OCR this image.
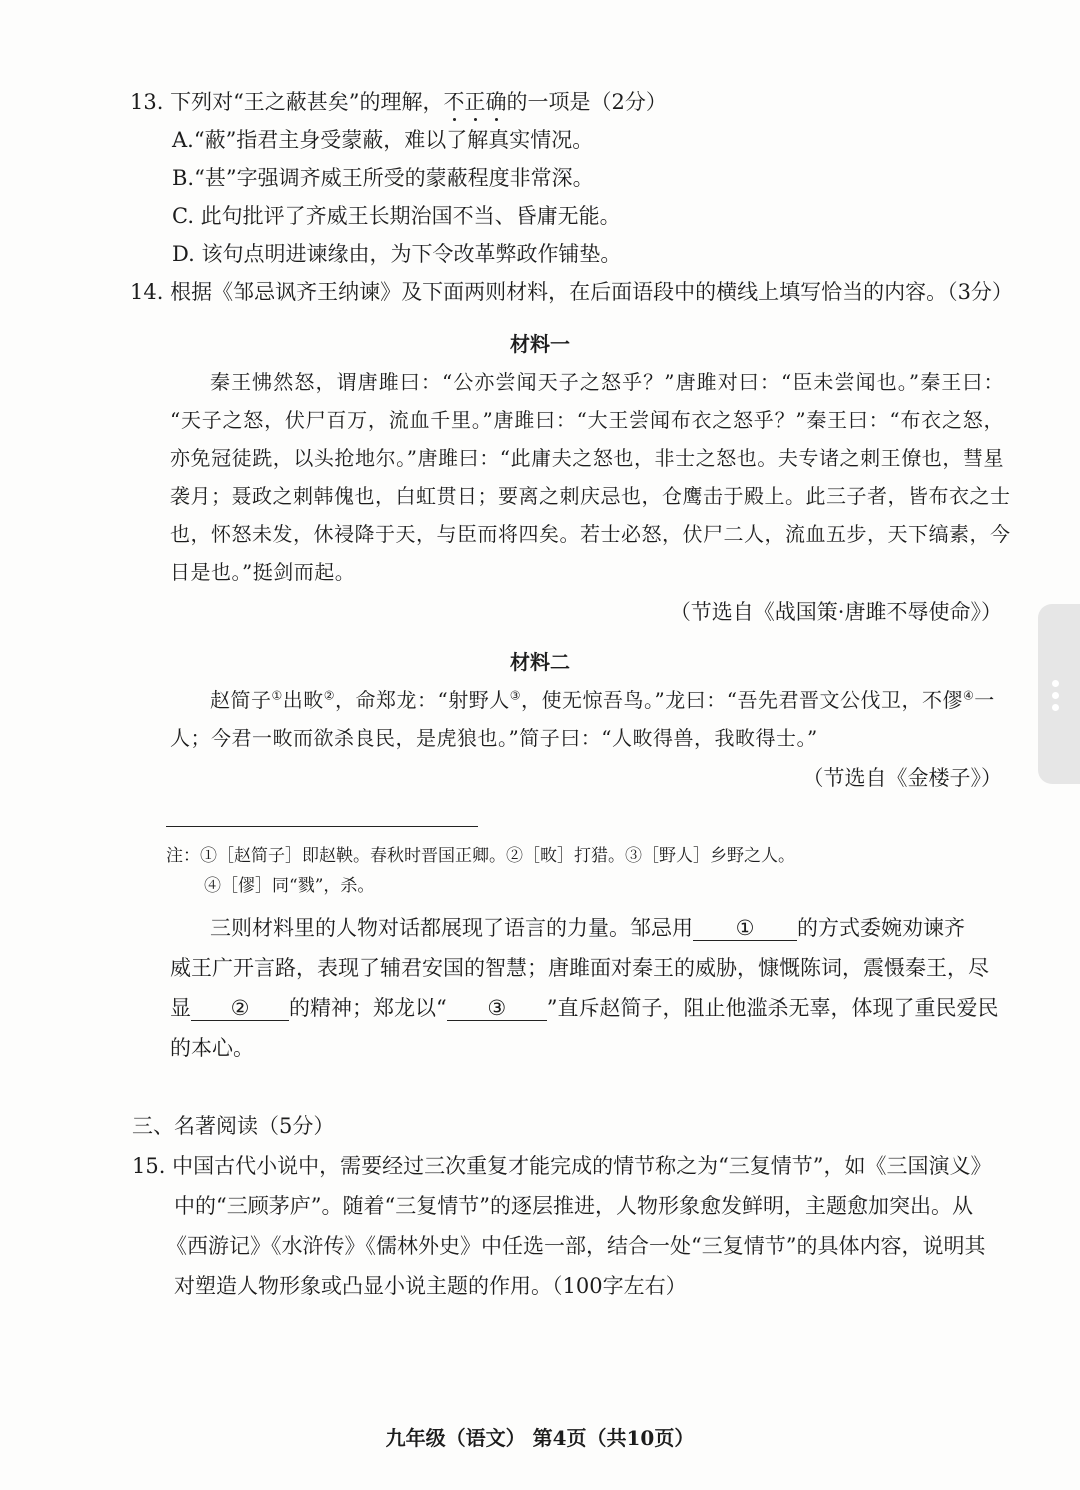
13. 下列对“王之蔽甚矣”的理解，不正确的一项是（2分）
A.“蔽”指君主身受蒙蔽，难以了解真实情况。
B.“甚”字强调齐威王所受的蒙蔽程度非常深。
C. 此句批评了齐威王长期治国不当、昏庸无能。
D. 该句点明进谏缘由，为下令改革弊政作铺垫。
14. 根据《邹忌讽齐王纳谏》及下面两则材料，在后面语段中的横线上填写恰当的内容。（3分）
材料一
秦王怫然怒，谓唐雎曰：“公亦尝闻天子之怒乎？”唐雎对曰：“臣未尝闻也。”秦王曰：
“天子之怒，伏尸百万，流血千里。”唐雎曰：“大王尝闻布衣之怒乎？”秦王曰：“布衣之怒，
亦免冠徒跣，以头抢地尔。”唐雎曰：“此庸夫之怒也，非士之怒也。夫专诸之刺王僚也，彗星
袭月；聂政之刺韩傀也，白虹贯日；要离之刺庆忌也，仓鹰击于殿上。此三子者，皆布衣之士
也，怀怒未发，休祲降于天，与臣而将四矣。若士必怒，伏尸二人，流血五步，天下缟素，今
日是也。”挺剑而起。
（节选自《战国策·唐雎不辱使命》）
材料二
赵简子①出畋②，命郑龙：“射野人③，使无惊吾鸟。”龙曰：“吾先君晋文公伐卫，不僇④一
人；今君一畋而欲杀良民，是虎狼也。”简子曰：“人畋得兽，我畋得士。”
（节选自《金楼子》）
注：①［赵简子］即赵鞅。春秋时晋国正卿。②［畋］打猎。③［野人］乡野之人。
④［僇］同“戮”，杀。
三则材料里的人物对话都展现了语言的力量。邹忌用 ① 的方式委婉劝谏齐
威王广开言路，表现了辅君安国的智慧；唐雎面对秦王的威胁，慷慨陈词，震慑秦王，尽
显 ② 的精神；郑龙以“ ③ ”直斥赵简子，阻止他滥杀无辜，体现了重民爱民
的本心。
三、名著阅读（5分）
15. 中国古代小说中，需要经过三次重复才能完成的情节称之为“三复情节”，如《三国演义》
中的“三顾茅庐”。随着“三复情节”的逐层推进，人物形象愈发鲜明，主题愈加突出。从
《西游记》《水浒传》《儒林外史》中任选一部，结合一处“三复情节”的具体内容，说明其
对塑造人物形象或凸显小说主题的作用。（100字左右）
九年级（语文） 第4页（共10页）
